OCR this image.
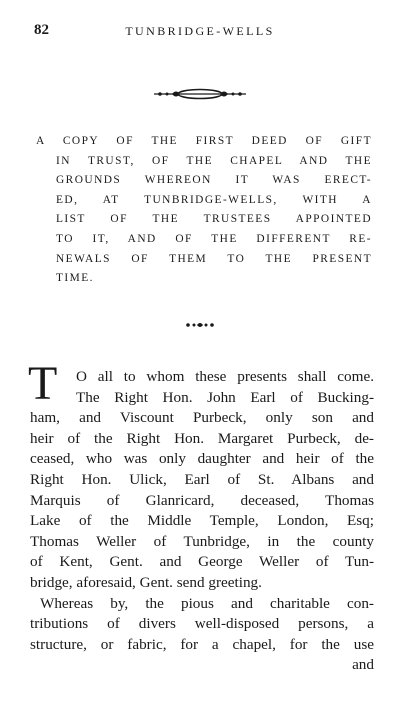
82	TUNBRIDGE-WELLS
A COPY OF THE FIRST DEED OF GIFT
IN TRUST, OF THE CHAPEL AND THE
GROUNDS WHEREON IT WAS ERECT-
ED, AT TUNBRIDGE-WELLS, WITH A
LIST OF THE TRUSTEES APPOINTED
TO IT, AND OF THE DIFFERENT RE-
NEWALS OF THEM TO THE PRESENT
TIME.
T	O all to whom these presents shall come.
The Right Hon. John Earl of Bucking-
ham, and Viscount Purbeck, only son and
heir of the Right Hon. Margaret Purbeck, de-
ceased, who was only daughter and heir of the
Right Hon. Ulick, Earl of St. Albans and
Marquis of Glanricard, deceased, Thomas
Lake of the Middle Temple, London, Esq;
Thomas Weller of Tunbridge, in the county
of Kent, Gent. and George Weller of Tun-
bridge, aforesaid, Gent. send greeting.
Whereas by, the pious and charitable con-
tributions of divers well-disposed persons, a
structure, or fabric, for a chapel, for the use
and
